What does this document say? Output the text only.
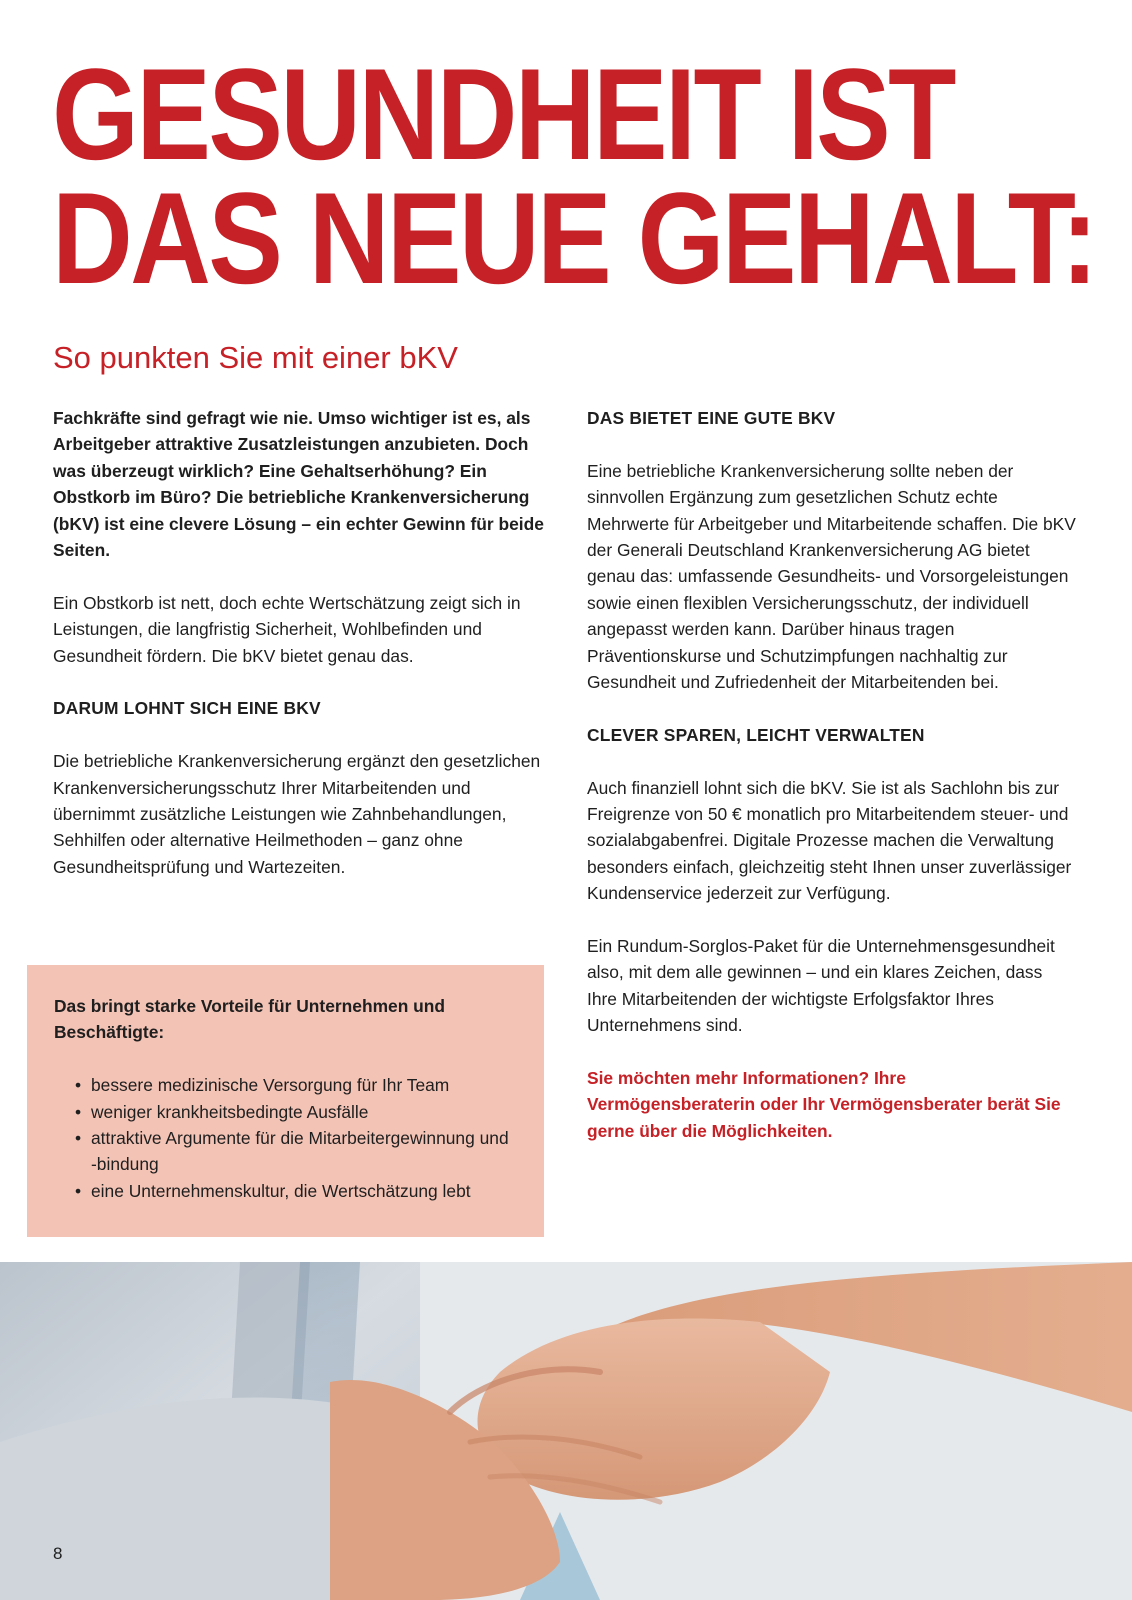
GESUNDHEIT IST
DAS NEUE GEHALT:
So punkten Sie mit einer bKV

Fachkräfte sind gefragt wie nie. Umso wichtiger ist es, als Arbeitgeber attraktive Zusatzleistungen anzubieten. Doch was überzeugt wirklich? Eine Gehaltserhöhung? Ein Obstkorb im Büro? Die betriebliche Krankenversicherung (bKV) ist eine clevere Lösung – ein echter Gewinn für beide Seiten.

Ein Obstkorb ist nett, doch echte Wertschätzung zeigt sich in Leistungen, die langfristig Sicherheit, Wohlbefinden und Gesundheit fördern. Die bKV bietet genau das.

DARUM LOHNT SICH EINE BKV

Die betriebliche Krankenversicherung ergänzt den gesetzlichen Krankenversicherungsschutz Ihrer Mitarbeitenden und übernimmt zusätzliche Leistungen wie Zahnbehandlungen, Sehhilfen oder alternative Heilmethoden – ganz ohne Gesundheitsprüfung und Wartezeiten.

Das bringt starke Vorteile für Unternehmen und Beschäftigte:

• bessere medizinische Versorgung für Ihr Team
• weniger krankheitsbedingte Ausfälle
• attraktive Argumente für die Mitarbeitergewinnung und -bindung
• eine Unternehmenskultur, die Wertschätzung lebt

DAS BIETET EINE GUTE BKV

Eine betriebliche Krankenversicherung sollte neben der sinnvollen Ergänzung zum gesetzlichen Schutz echte Mehrwerte für Arbeitgeber und Mitarbeitende schaffen. Die bKV der Generali Deutschland Krankenversicherung AG bietet genau das: umfassende Gesundheits- und Vorsorgeleistungen sowie einen flexiblen Versicherungsschutz, der individuell angepasst werden kann. Darüber hinaus tragen Präventionskurse und Schutzimpfungen nachhaltig zur Gesundheit und Zufriedenheit der Mitarbeitenden bei.

CLEVER SPAREN, LEICHT VERWALTEN

Auch finanziell lohnt sich die bKV. Sie ist als Sachlohn bis zur Freigrenze von 50 € monatlich pro Mitarbeitendem steuer- und sozialabgabenfrei. Digitale Prozesse machen die Verwaltung besonders einfach, gleichzeitig steht Ihnen unser zuverlässiger Kundenservice jederzeit zur Verfügung.

Ein Rundum-Sorglos-Paket für die Unternehmensgesundheit also, mit dem alle gewinnen – und ein klares Zeichen, dass Ihre Mitarbeitenden der wichtigste Erfolgsfaktor Ihres Unternehmens sind.

Sie möchten mehr Informationen? Ihre Vermögensberaterin oder Ihr Vermögensberater berät Sie gerne über die Möglichkeiten.

8
